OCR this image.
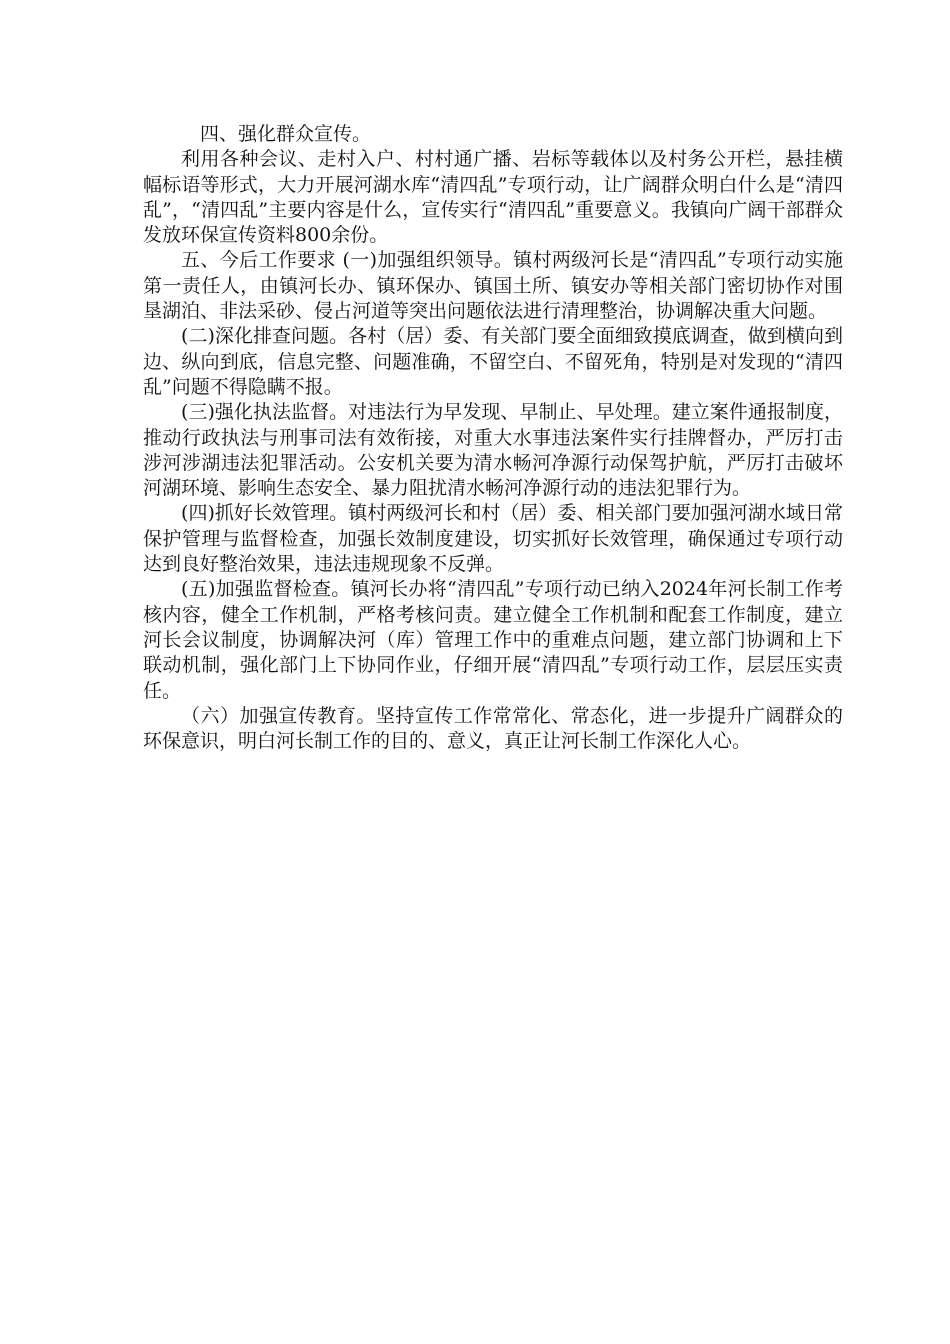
四、强化群众宣传。

利用各种会议、走村入户、村村通广播、岩标等载体以及村务公开栏，悬挂横幅标语等形式，大力开展河湖水库“清四乱”专项行动，让广阔群众明白什么是“清四乱”，“清四乱”主要内容是什么，宣传实行“清四乱”重要意义。我镇向广阔干部群众发放环保宣传资料800余份。

五、今后工作要求 (一)加强组织领导。镇村两级河长是“清四乱”专项行动实施第一责任人，由镇河长办、镇环保办、镇国土所、镇安办等相关部门密切协作对围垦湖泊、非法采砂、侵占河道等突出问题依法进行清理整治，协调解决重大问题。

(二)深化排查问题。各村（居）委、有关部门要全面细致摸底调查，做到横向到边、纵向到底，信息完整、问题准确，不留空白、不留死角，特别是对发现的“清四乱”问题不得隐瞒不报。

(三)强化执法监督。对违法行为早发现、早制止、早处理。建立案件通报制度，推动行政执法与刑事司法有效衔接，对重大水事违法案件实行挂牌督办，严厉打击涉河涉湖违法犯罪活动。公安机关要为清水畅河净源行动保驾护航，严厉打击破坏河湖环境、影响生态安全、暴力阻扰清水畅河净源行动的违法犯罪行为。

(四)抓好长效管理。镇村两级河长和村（居）委、相关部门要加强河湖水域日常保护管理与监督检查，加强长效制度建设，切实抓好长效管理，确保通过专项行动达到良好整治效果，违法违规现象不反弹。

(五)加强监督检查。镇河长办将“清四乱”专项行动已纳入2024年河长制工作考核内容，健全工作机制，严格考核问责。建立健全工作机制和配套工作制度，建立河长会议制度，协调解决河（库）管理工作中的重难点问题，建立部门协调和上下联动机制，强化部门上下协同作业，仔细开展“清四乱”专项行动工作，层层压实责任。

（六）加强宣传教育。坚持宣传工作常常化、常态化，进一步提升广阔群众的环保意识，明白河长制工作的目的、意义，真正让河长制工作深化人心。
